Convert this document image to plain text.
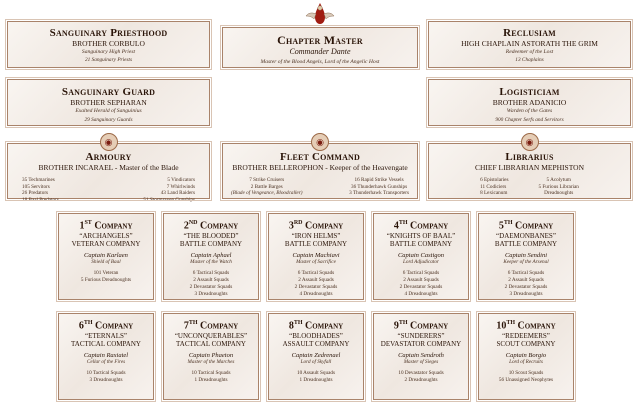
Sanguinary Priesthood
BROTHER CORBULO
Sanguinary High Priest
21 Sanguinary Priests
Chapter Master
Commander Dante
Master of the Blood Angels, Lord of the Angelic Host
Reclusiam
HIGH CHAPLAIN ASTORATH THE GRIM
Redeemer of the Lost
13 Chaplains
Sanguinary Guard
BROTHER SEPHARAN
Exalted Herald of Sanguinius
29 Sanguinary Guards
Logisticiam
BROTHER ADANICIO
Warden of the Gates
900 Chapter Serfs and Servitors
◉
Armoury
BROTHER INCARAEL - Master of the Blade
35 Techmarines
105 Servitors
26 Predators
18 Baal Predators
5 Vindicators
7 Whirlwinds
43 Land Raiders
51 Stormraven Gunships
◉
Fleet Command
BROTHER BELLEROPHON - Keeper of the Heavengate
7 Strike Cruisers
2 Battle Barges
(Blade of Vengeance, Bloodcaller)
16 Rapid Strike Vessels
36 Thunderhawk Gunships
3 Thunderhawk Transporters
◉
Librarius
CHIEF LIBRARIAN MEPHISTON
6 Epistolaries
11 Codiciers
8 Lexicanum
5 Acolytum
5 Furious Librarian
Dreadnoughts
1ST Company
“ARCHANGELS”
VETERAN COMPANY
Captain Karlaen
Shield of Baal
101 Veteran
5 Furious Dreadnoughts
2ND Company
“THE BLOODED”
BATTLE COMPANY
Captain Aphael
Master of the Watch
6 Tactical Squads
2 Assault Squads
2 Devastator Squads
3 Dreadnoughts
3RD Company
“IRON HELMS”
BATTLE COMPANY
Captain Machiavi
Master of Sacrifice
6 Tactical Squads
2 Assault Squads
2 Devastator Squads
4 Dreadnoughts
4TH Company
“KNIGHTS OF BAAL”
BATTLE COMPANY
Captain Castigon
Lord Adjudicator
6 Tactical Squads
2 Assault Squads
2 Devastator Squads
4 Dreadnoughts
5TH Company
“DAEMONBANES”
BATTLE COMPANY
Captain Sendini
Keeper of the Arsenal
6 Tactical Squads
2 Assault Squads
2 Devastator Squads
3 Dreadnoughts
6TH Company
“ETERNALS”
TACTICAL COMPANY
Captain Raxiatel
Cellar of the Fires
10 Tactical Squads
3 Dreadnoughts
7TH Company
“UNCONQUERABLES”
TACTICAL COMPANY
Captain Phaeton
Master of the Marches
10 Tactical Squads
1 Dreadnoughts
8TH Company
“BLOODHADES”
ASSAULT COMPANY
Captain Zedrenael
Lord of Skyfall
10 Assault Squads
1 Dreadnoughts
9TH Company
“SUNDERERS”
DEVASTATOR COMPANY
Captain Sendroth
Master of Sieges
10 Devastator Squads
2 Dreadnoughts
10TH Company
“REDEEMERS”
SCOUT COMPANY
Captain Borgio
Lord of Recruits
10 Scout Squads
56 Unassigned Neophytes
